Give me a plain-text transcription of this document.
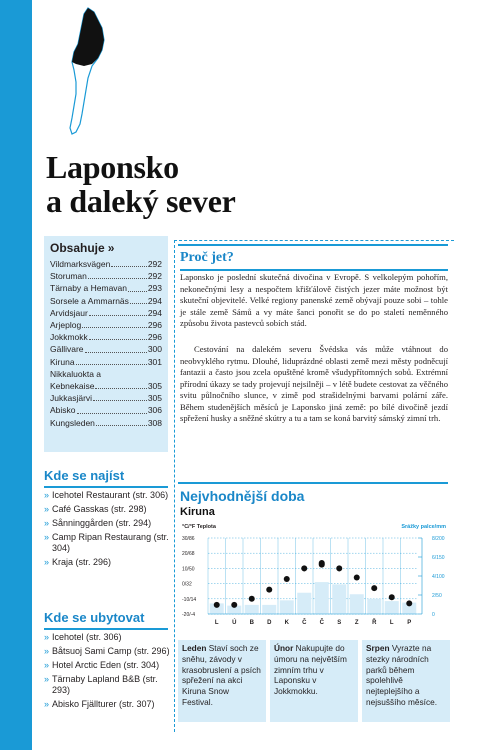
Laponsko
a daleký sever
Obsahuje »
Vildmarksvägen	292
Storuman	292
Tärnaby a Hemavan 293
Sorsele a Ammarnäs 294
Arvidsjaur	294
Arjeplog	296
Jokkmokk	296
Gällivare	300
Kiruna	301
Nikkaluokta a
Kebnekaise	305
Jukkasjärvi	305
Abisko	306
Kungsleden	308
Kde se najíst
» Icehotel Restaurant (str. 306)
» Café Gasskas (str. 298)
» Sånninggården (str. 294)
» Camp Ripan Restaurang (str. 304)
» Kraja (str. 296)
Kde se ubytovat
» Icehotel (str. 306)
» Båtsuoj Sami Camp (str. 296)
» Hotel Arctic Eden (str. 304)
» Tärnaby Lapland B&B (str. 293)
» Abisko Fjällturer (str. 307)
Proč jet?
Laponsko je poslední skutečná divočina v Evropě. S velkolepým pohořím, nekonečnými lesy a nespočtem křišťálově čistých jezer máte možnost být skuteční objevitelé. Velké regiony panenské země obývají pouze sobi – tohle je stále země Sámů a vy máte šanci ponořit se do po staletí neměnného způsobu života pastevců sobích stád.
Cestování na dalekém severu Švédska vás může vtáhnout do neobvyklého rytmu. Dlouhé, liduprázdné oblasti země mezi městy podněcují fantazii a často jsou zcela opuštěné kromě všudypřítomných sobů. Extrémní přírodní úkazy se tady projevují nejsilněji – v létě budete cestovat za věčného svitu půlnočního slunce, v zimě pod strašidelnými barvami polární záře. Během studenějších měsíců je Laponsko jiná země: po bílé divočině jezdí spřežení husky a sněžné skútry a tu a tam se koná barvitý sámský zimní trh.
Nejvhodnější doba
Kiruna
°C/°F Teplota	Srážky palce/mm
30/86
20/68
10/50
0/32
-10/14
-20/-4
8/200
6/150
4/100
2/50
0
L Ú B D K Č Č S Z Ř L P
Leden Staví soch ze sněhu, závody v krasobruslení a psích spřežení na akci Kiruna Snow Festival.
Únor Nakupujte do úmoru na největším zimním trhu v Laponsku v Jokkmokku.
Srpen Vyrazte na stezky národních parků během spolehlivě nejteplejšího a nejsuššího měsíce.
